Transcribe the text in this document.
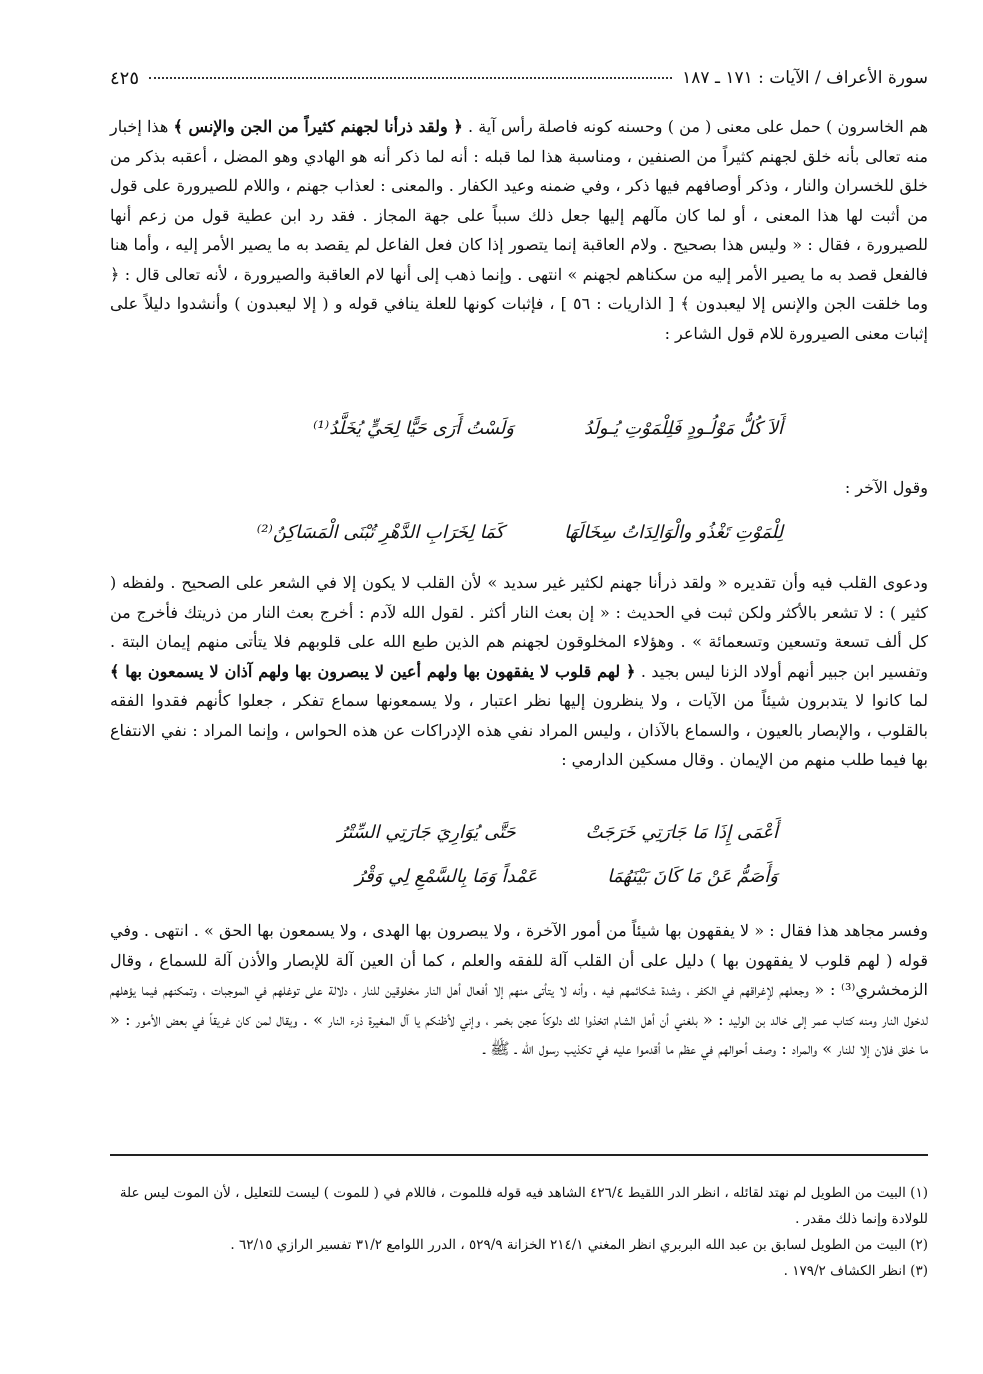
سورة الأعراف / الآيات : ١٧١ ـ ١٨٧
٤٢٥

هم الخاسرون ) حمل على معنى ( من ) وحسنه كونه فاصلة رأس آية . ﴿ ولقد ذرأنا لجهنم كثيراً من الجن والإنس ﴾ هذا إخبار منه تعالى بأنه خلق لجهنم كثيراً من الصنفين ، ومناسبة هذا لما قبله : أنه لما ذكر أنه هو الهادي وهو المضل ، أعقبه بذكر من خلق للخسران والنار ، وذكر أوصافهم فيها ذكر ، وفي ضمنه وعيد الكفار . والمعنى : لعذاب جهنم ، واللام للصيرورة على قول من أثبت لها هذا المعنى ، أو لما كان مآلهم إليها جعل ذلك سبباً على جهة المجاز . فقد رد ابن عطية قول من زعم أنها للصيرورة ، فقال : « وليس هذا بصحيح . ولام العاقبة إنما يتصور إذا كان فعل الفاعل لم يقصد به ما يصير الأمر إليه ، وأما هنا فالفعل قصد به ما يصير الأمر إليه من سكناهم لجهنم » انتهى . وإنما ذهب إلى أنها لام العاقبة والصيرورة ، لأنه تعالى قال : ﴿ وما خلقت الجن والإنس إلا ليعبدون ﴾ [ الذاريات : ٥٦ ] ، فإثبات كونها للعلة ينافي قوله و ( إلا ليعبدون ) وأنشدوا دليلاً على إثبات معنى الصيرورة للام قول الشاعر :

أَلاَ كُلُّ مَوْلُـودٍ فَلِلْمَوْتِ يُـولَدُ
وَلَسْتُ أَرَى حَيًّا لِحَيٍّ يُخَلَّدُ⁽¹⁾
وقول الآخر :
لِلْمَوْتِ تَغْذُو والْوَالِدَاتُ سِخَالَهَا
كَمَا لِخَرَابِ الدَّهْرِ تُبْنَى الْمَسَاكِنُ⁽²⁾

ودعوى القلب فيه وأن تقديره « ولقد ذرأنا جهنم لكثير غير سديد » لأن القلب لا يكون إلا في الشعر على الصحيح . ولفظه ( كثير ) : لا تشعر بالأكثر ولكن ثبت في الحديث : « إن بعث النار أكثر . لقول الله لآدم : أخرج بعث النار من ذريتك فأخرج من كل ألف تسعة وتسعين وتسعمائة » . وهؤلاء المخلوقون لجهنم هم الذين طبع الله على قلوبهم فلا يتأتى منهم إيمان البتة . وتفسير ابن جبير أنهم أولاد الزنا ليس بجيد . ﴿ لهم قلوب لا يفقهون بها ولهم أعين لا يبصرون بها ولهم آذان لا يسمعون بها ﴾ لما كانوا لا يتدبرون شيئاً من الآيات ، ولا ينظرون إليها نظر اعتبار ، ولا يسمعونها سماع تفكر ، جعلوا كأنهم فقدوا الفقه بالقلوب ، والإبصار بالعيون ، والسماع بالآذان ، وليس المراد نفي هذه الإدراكات عن هذه الحواس ، وإنما المراد : نفي الانتفاع بها فيما طلب منهم من الإيمان . وقال مسكين الدارمي :

أَعْمَى إِذَا مَا جَارَتِي خَرَجَتْ
حَتَّى يُوَارِيَ جَارَتِي السِّتْرُ
وَأَصَمُّ عَنْ مَا كَانَ بَيْنَهُمَا
عَمْداً وَمَا بِالسَّمْعِ لِي وَقْرُ

وفسر مجاهد هذا فقال : « لا يفقهون بها شيئاً من أمور الآخرة ، ولا يبصرون بها الهدى ، ولا يسمعون بها الحق » . انتهى . وفي قوله ( لهم قلوب لا يفقهون بها ) دليل على أن القلب آلة للفقه والعلم ، كما أن العين آلة للإبصار والأذن آلة للسماع ، وقال الزمخشري⁽³⁾ : « وجعلهم لإغراقهم في الكفر ، وشدة شكائمهم فيه ، وأنه لا يتأتى منهم إلا أفعال أهل النار مخلوقين للنار ، دلالة على توغلهم في الموجبات ، وتمكنهم فيما يؤهلهم لدخول النار ومنه كتاب عمر إلى خالد بن الوليد : « بلغني أن أهل الشام اتخذوا لك دلوكاً عجن بخمر ، وإني لأظنكم يا آل المغيرة ذرء النار » . ويقال لمن كان غريقاً في بعض الأمور : « ما خلق فلان إلا للنار » والمراد : وصف أحوالهم في عظم ما أقدموا عليه في تكذيب رسول الله ـ ﷺ ـ

(١) البيت من الطويل لم نهتد لقائله ، انظر الدر اللقيط ٤٢٦/٤ الشاهد فيه قوله فللموت ، فاللام في ( للموت ) ليست للتعليل ، لأن الموت ليس علة للولادة وإنما ذلك مقدر .

(٢) البيت من الطويل لسابق بن عبد الله البربري انظر المغني ٢١٤/١ الخزانة ٥٢٩/٩ ، الدرر اللوامع ٣١/٢ تفسير الرازي ٦٢/١٥ .

(٣) انظر الكشاف ١٧٩/٢ .
